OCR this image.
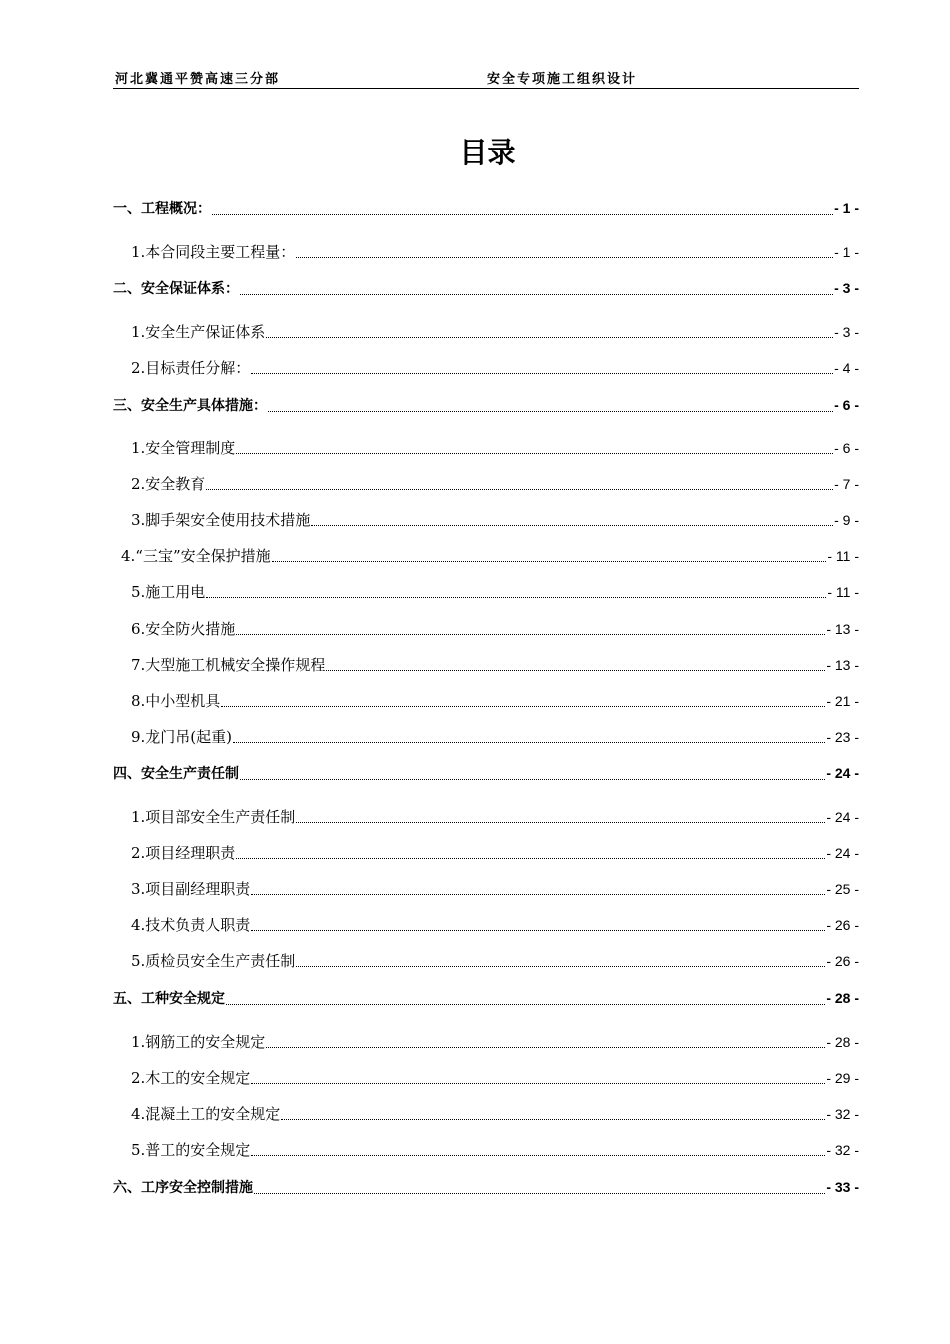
河北冀通平赞高速三分部	安全专项施工组织设计
目录
一、工程概况：	- 1 -
1.本合同段主要工程量：	- 1 -
二、安全保证体系：	- 3 -
1.安全生产保证体系	- 3 -
2.目标责任分解：	- 4 -
三、安全生产具体措施：	- 6 -
1.安全管理制度	- 6 -
2.安全教育	- 7 -
3.脚手架安全使用技术措施	- 9 -
4.“三宝”安全保护措施	- 11 -
5.施工用电	- 11 -
6.安全防火措施	- 13 -
7.大型施工机械安全操作规程	- 13 -
8.中小型机具	- 21 -
9.龙门吊(起重)	- 23 -
四、安全生产责任制	- 24 -
1.项目部安全生产责任制	- 24 -
2.项目经理职责	- 24 -
3.项目副经理职责	- 25 -
4.技术负责人职责	- 26 -
5.质检员安全生产责任制	- 26 -
五、工种安全规定	- 28 -
1.钢筋工的安全规定	- 28 -
2.木工的安全规定	- 29 -
4.混凝土工的安全规定	- 32 -
5.普工的安全规定	- 32 -
六、工序安全控制措施	- 33 -
